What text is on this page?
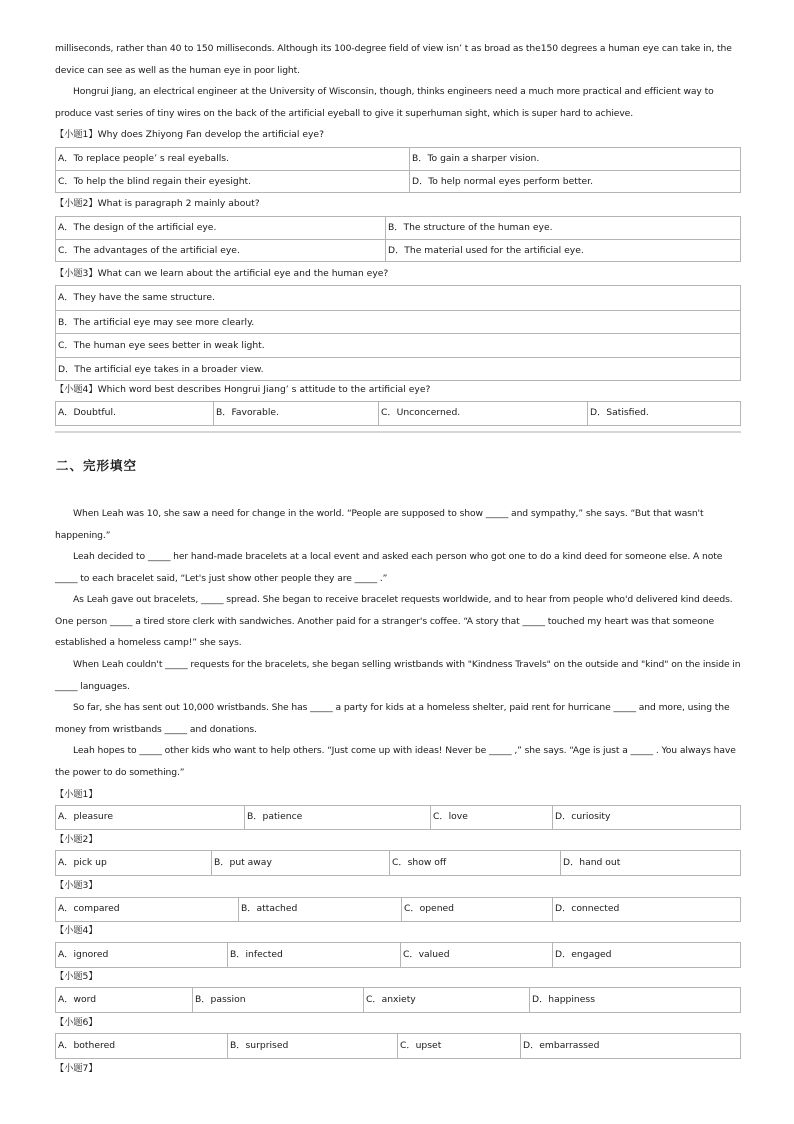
milliseconds, rather than 40 to 150 milliseconds. Although its 100-degree field of view isn’ t as broad as the150 degrees a human eye can take in, the device can see as well as the human eye in poor light.
Hongrui Jiang, an electrical engineer at the University of Wisconsin, though, thinks engineers need a much more practical and efficient way to produce vast series of tiny wires on the back of the artificial eyeball to give it superhuman sight, which is super hard to achieve.
【小题1】Why does Zhiyong Fan develop the artificial eye?
A．To replace people’ s real eyeballs.	B．To gain a sharper vision.
C．To help the blind regain their eyesight.	D．To help normal eyes perform better.
【小题2】What is paragraph 2 mainly about?
A．The design of the artificial eye.	B．The structure of the human eye.
C．The advantages of the artificial eye.	D．The material used for the artificial eye.
【小题3】What can we learn about the artificial eye and the human eye?
A．They have the same structure.
B．The artificial eye may see more clearly.
C．The human eye sees better in weak light.
D．The artificial eye takes in a broader view.
【小题4】Which word best describes Hongrui Jiang’ s attitude to the artificial eye?
A．Doubtful.	B．Favorable.	C．Unconcerned.	D．Satisfied.
二、完形填空
When Leah was 10, she saw a need for change in the world. “People are supposed to show _____ and sympathy,” she says. “But that wasn't happening.”
Leah decided to _____ her hand-made bracelets at a local event and asked each person who got one to do a kind deed for someone else. A note _____ to each bracelet said, “Let's just show other people they are _____ .”
As Leah gave out bracelets, _____ spread. She began to receive bracelet requests worldwide, and to hear from people who'd delivered kind deeds. One person _____ a tired store clerk with sandwiches. Another paid for a stranger's coffee. “A story that _____ touched my heart was that someone established a homeless camp!” she says.
When Leah couldn't _____ requests for the bracelets, she began selling wristbands with "Kindness Travels" on the outside and "kind" on the inside in _____ languages.
So far, she has sent out 10,000 wristbands. She has _____ a party for kids at a homeless shelter, paid rent for hurricane _____ and more, using the money from wristbands _____ and donations.
Leah hopes to _____ other kids who want to help others. “Just come up with ideas! Never be _____ ,” she says. “Age is just a _____ . You always have the power to do something.”
【小题1】
A．pleasure	B．patience	C．love	D．curiosity
【小题2】
A．pick up	B．put away	C．show off	D．hand out
【小题3】
A．compared	B．attached	C．opened	D．connected
【小题4】
A．ignored	B．infected	C．valued	D．engaged
【小题5】
A．word	B．passion	C．anxiety	D．happiness
【小题6】
A．bothered	B．surprised	C．upset	D．embarrassed
【小题7】
